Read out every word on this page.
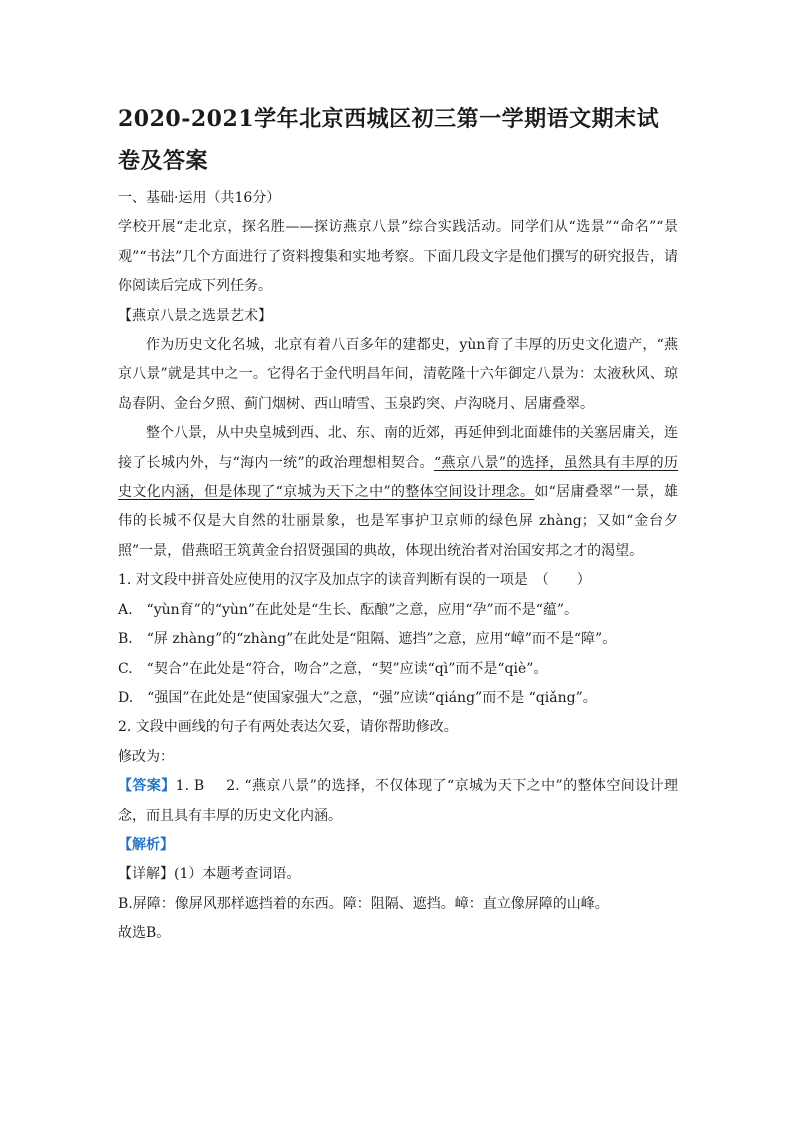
2020-2021学年北京西城区初三第一学期语文期末试卷及答案

一、基础·运用（共16分）

学校开展“走北京，探名胜——探访燕京八景”综合实践活动。同学们从“选景”“命名”“景观”“书法”几个方面进行了资料搜集和实地考察。下面几段文字是他们撰写的研究报告，请你阅读后完成下列任务。

【燕京八景之选景艺术】

作为历史文化名城，北京有着八百多年的建都史，yùn育了丰厚的历史文化遗产，“燕京八景”就是其中之一。它得名于金代明昌年间，清乾隆十六年御定八景为：太液秋风、琼岛春阴、金台夕照、蓟门烟树、西山晴雪、玉泉趵突、卢沟晓月、居庸叠翠。

整个八景，从中央皇城到西、北、东、南的近郊，再延伸到北面雄伟的关塞居庸关，连接了长城内外，与“海内一统”的政治理想相契合。“燕京八景”的选择，虽然具有丰厚的历史文化内涵，但是体现了“京城为天下之中”的整体空间设计理念。如“居庸叠翠”一景，雄伟的长城不仅是大自然的壮丽景象，也是军事护卫京师的绿色屏 zhàng；又如“金台夕照”一景，借燕昭王筑黄金台招贤强国的典故，体现出统治者对治国安邦之才的渴望。

1. 对文段中拼音处应使用的汉字及加点字的读音判断有误的一项是　（　　）

A.　“yùn育”的“yùn”在此处是“生长、酝酿”之意，应用“孕”而不是“蕴”。

B.　“屏 zhàng”的“zhàng”在此处是“阻隔、遮挡”之意，应用“嶂”而不是“障”。

C.　“契合”在此处是“符合，吻合”之意，“契”应读“qì”而不是“qiè”。

D.　“强国”在此处是“使国家强大”之意，“强”应读“qiáng”而不是 “qiǎng”。

2. 文段中画线的句子有两处表达欠妥，请你帮助修改。

修改为：

【答案】1. B 2. “燕京八景”的选择，不仅体现了“京城为天下之中”的整体空间设计理念，而且具有丰厚的历史文化内涵。

【解析】

【详解】(1）本题考查词语。

B.屏障：像屏风那样遮挡着的东西。障：阻隔、遮挡。嶂：直立像屏障的山峰。

故选B。
